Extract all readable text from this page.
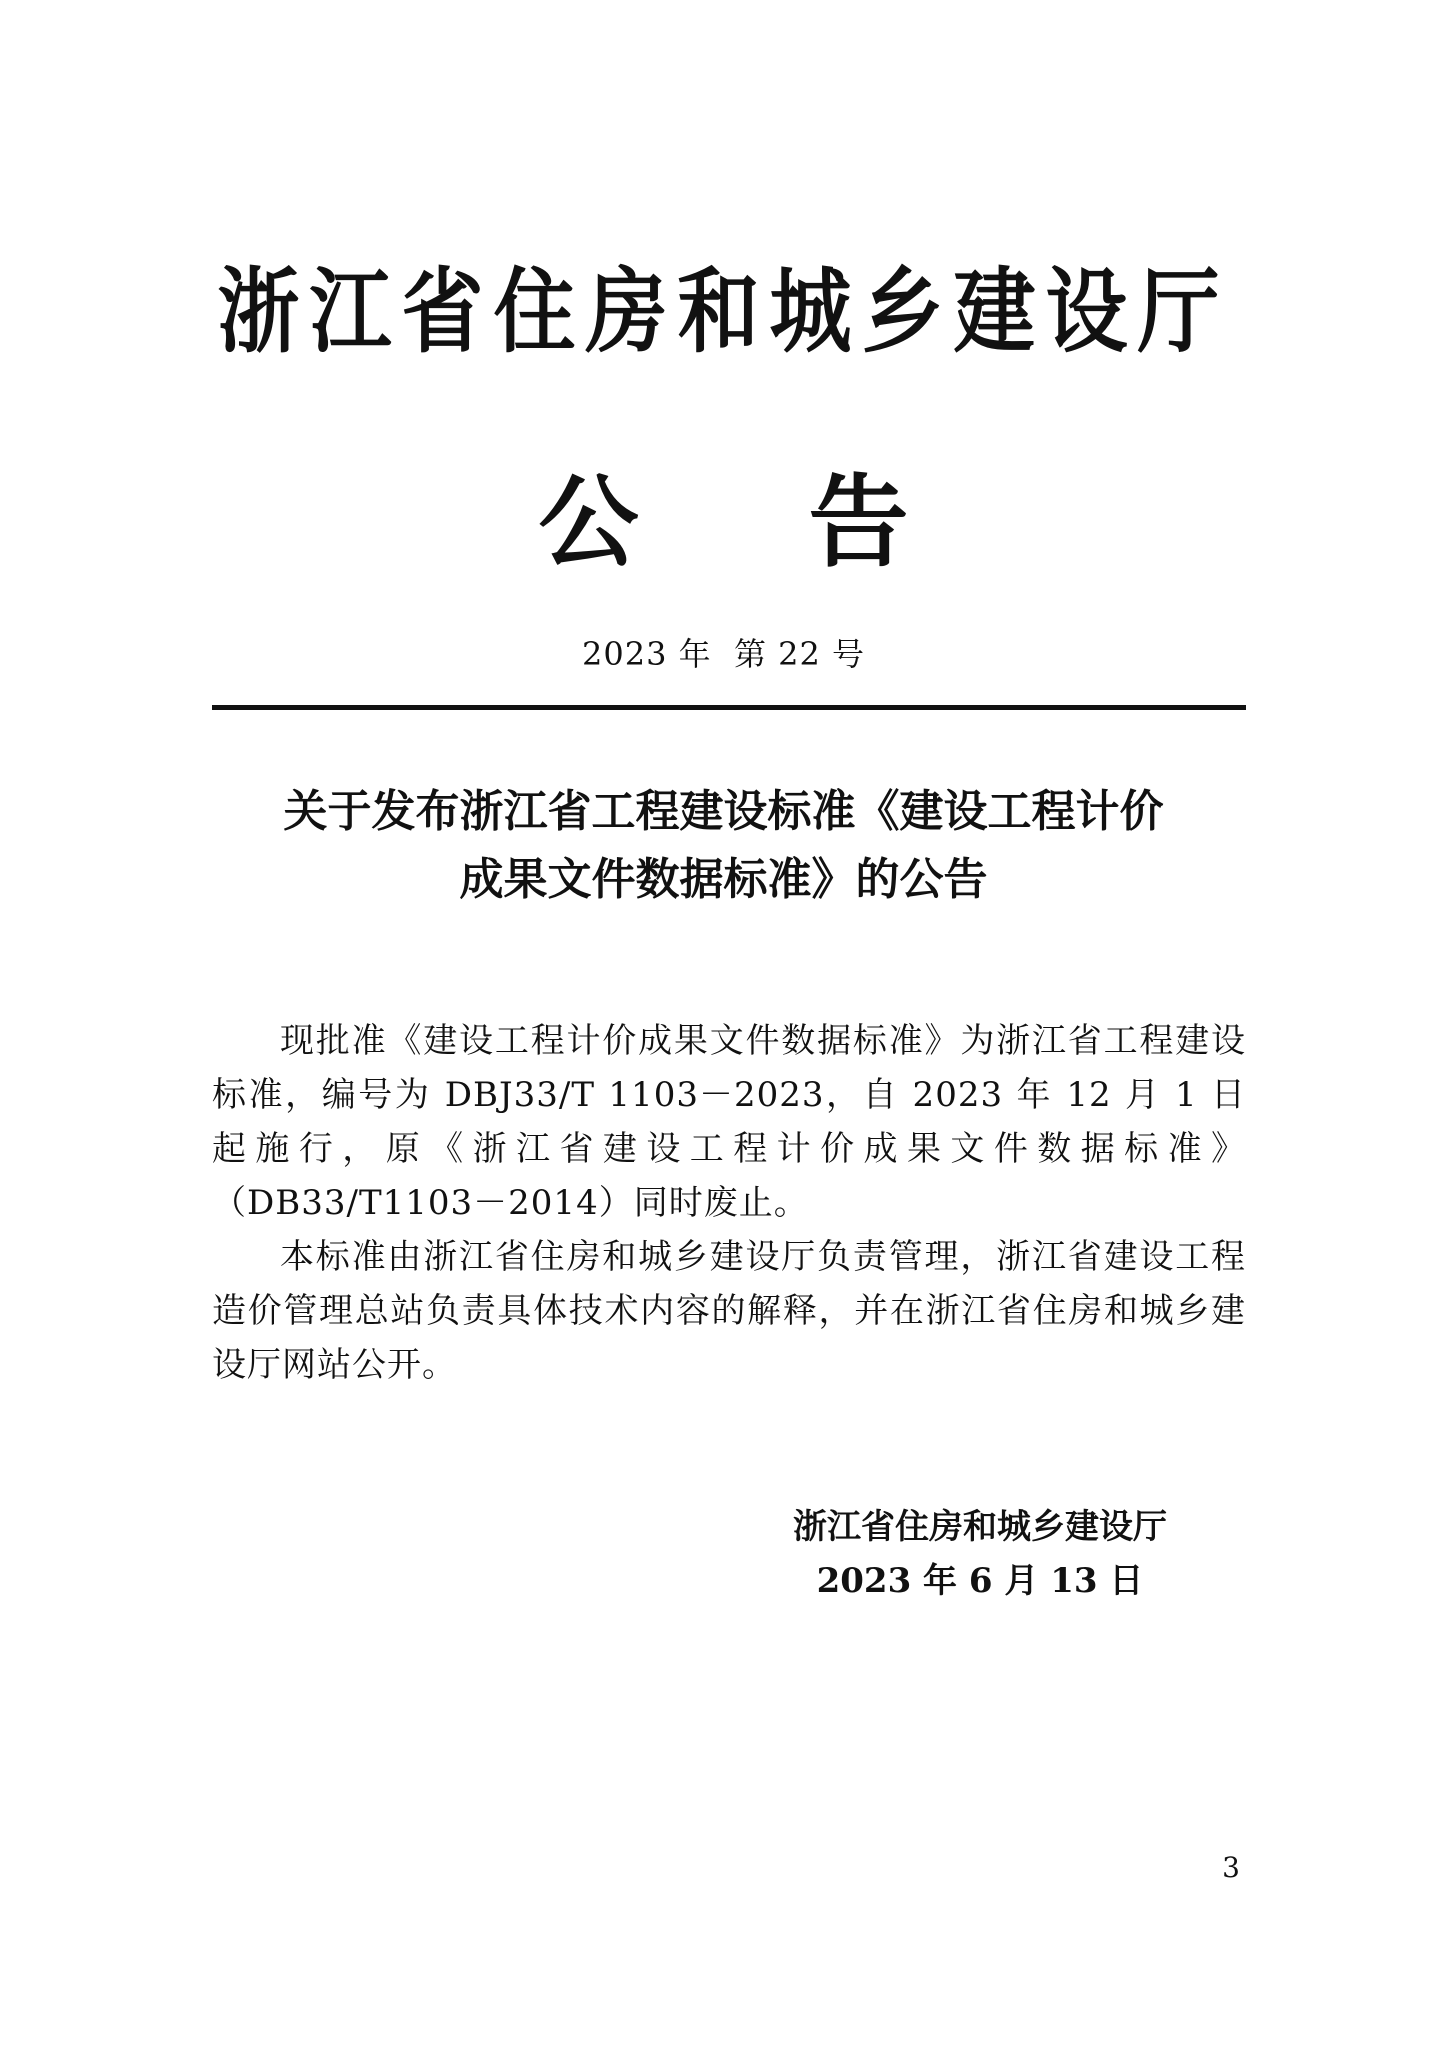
浙江省住房和城乡建设厅
公 告
2023 年  第 22 号
关于发布浙江省工程建设标准《建设工程计价
成果文件数据标准》的公告

现批准《建设工程计价成果文件数据标准》为浙江省工程建设标准，编号为 DBJ33/T 1103－2023，自 2023 年 12 月 1 日起施行，原《浙江省建设工程计价成果文件数据标准》（DB33/T1103－2014）同时废止。

本标准由浙江省住房和城乡建设厅负责管理，浙江省建设工程造价管理总站负责具体技术内容的解释，并在浙江省住房和城乡建设厅网站公开。

浙江省住房和城乡建设厅
2023 年 6 月 13 日
3
